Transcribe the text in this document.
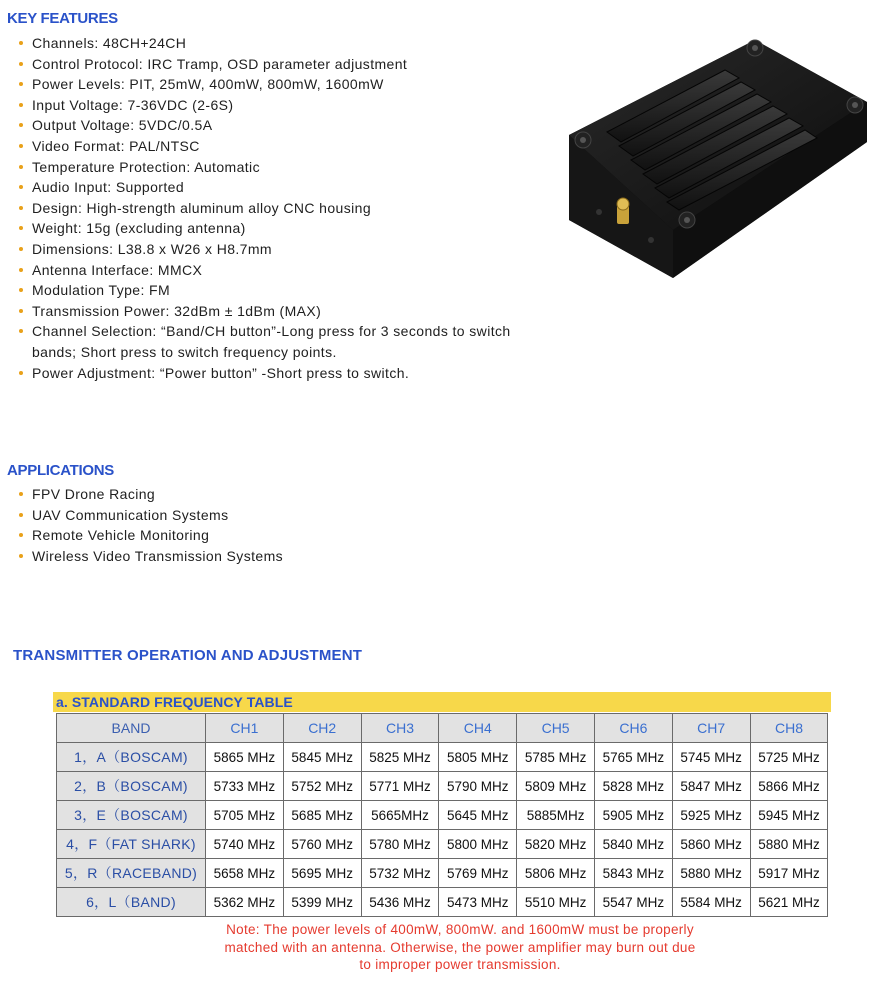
KEY FEATURES
Channels: 48CH+24CH
Control Protocol: IRC Tramp, OSD parameter adjustment
Power Levels: PIT, 25mW, 400mW, 800mW, 1600mW
Input Voltage: 7-36VDC (2-6S)
Output Voltage: 5VDC/0.5A
Video Format: PAL/NTSC
Temperature Protection: Automatic
Audio Input: Supported
Design: High-strength aluminum alloy CNC housing
Weight: 15g (excluding antenna)
Dimensions: L38.8 x W26 x H8.7mm
Antenna Interface: MMCX
Modulation Type: FM
Transmission Power: 32dBm ± 1dBm (MAX)
Channel Selection: “Band/CH button”-Long press for 3 seconds to switch bands; Short press to switch frequency points.
Power Adjustment: “Power button” -Short press to switch.
APPLICATIONS
FPV Drone Racing
UAV Communication Systems
Remote Vehicle Monitoring
Wireless Video Transmission Systems
TRANSMITTER OPERATION AND ADJUSTMENT
a. STANDARD FREQUENCY TABLE
BAND	CH1	CH2	CH3	CH4	CH5	CH6	CH7	CH8
1，A（BOSCAM)	5865 MHz	5845 MHz	5825 MHz	5805 MHz	5785 MHz	5765 MHz	5745 MHz	5725 MHz
2，B（BOSCAM)	5733 MHz	5752 MHz	5771 MHz	5790 MHz	5809 MHz	5828 MHz	5847 MHz	5866 MHz
3，E（BOSCAM)	5705 MHz	5685 MHz	5665MHz	5645 MHz	5885MHz	5905 MHz	5925 MHz	5945 MHz
4，F（FAT SHARK)	5740 MHz	5760 MHz	5780 MHz	5800 MHz	5820 MHz	5840 MHz	5860 MHz	5880 MHz
5，R（RACEBAND)	5658 MHz	5695 MHz	5732 MHz	5769 MHz	5806 MHz	5843 MHz	5880 MHz	5917 MHz
6，L（BAND)	5362 MHz	5399 MHz	5436 MHz	5473 MHz	5510 MHz	5547 MHz	5584 MHz	5621 MHz
Note: The power levels of 400mW, 800mW. and 1600mW must be properly
matched with an antenna. Otherwise, the power amplifier may burn out due
to improper power transmission.
